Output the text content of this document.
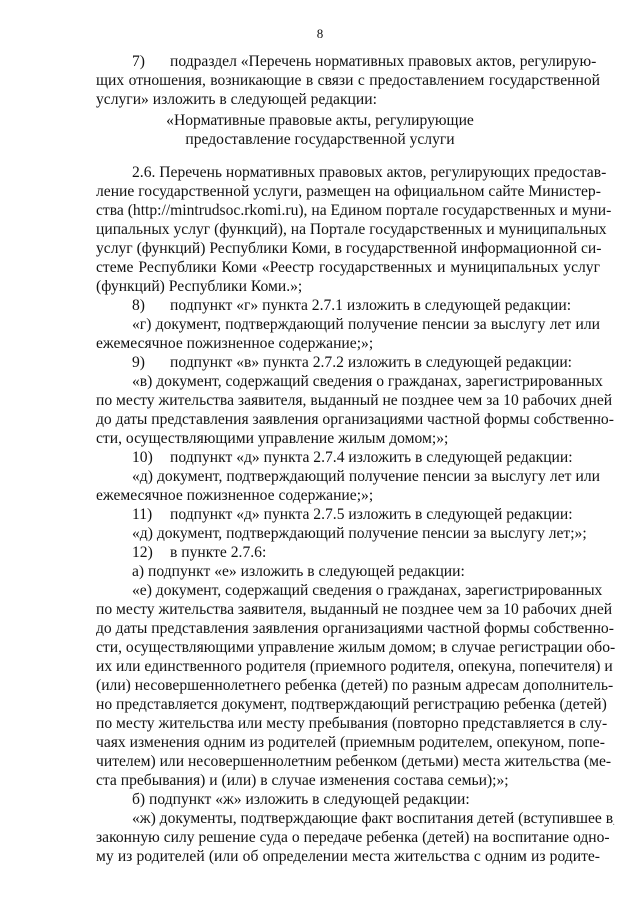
8
7) подраздел «Перечень нормативных правовых актов, регулирую-
щих отношения, возникающие в связи с предоставлением государственной
услуги» изложить в следующей редакции:
«Нормативные правовые акты, регулирующие
предоставление государственной услуги
2.6. Перечень нормативных правовых актов, регулирующих предостав-
ление государственной услуги, размещен на официальном сайте Министер-
ства (http://mintrudsoc.rkomi.ru), на Едином портале государственных и муни-
ципальных услуг (функций), на Портале государственных и муниципальных
услуг (функций) Республики Коми, в государственной информационной си-
стеме Республики Коми «Реестр государственных и муниципальных услуг
(функций) Республики Коми.»;
8) подпункт «г» пункта 2.7.1 изложить в следующей редакции:
«г) документ, подтверждающий получение пенсии за выслугу лет или
ежемесячное пожизненное содержание;»;
9) подпункт «в» пункта 2.7.2 изложить в следующей редакции:
«в) документ, содержащий сведения о гражданах, зарегистрированных
по месту жительства заявителя, выданный не позднее чем за 10 рабочих дней
до даты представления заявления организациями частной формы собственно-
сти, осуществляющими управление жилым домом;»;
10) подпункт «д» пункта 2.7.4 изложить в следующей редакции:
«д) документ, подтверждающий получение пенсии за выслугу лет или
ежемесячное пожизненное содержание;»;
11) подпункт «д» пункта 2.7.5 изложить в следующей редакции:
«д) документ, подтверждающий получение пенсии за выслугу лет;»;
12) в пункте 2.7.6:
а) подпункт «е» изложить в следующей редакции:
«е) документ, содержащий сведения о гражданах, зарегистрированных
по месту жительства заявителя, выданный не позднее чем за 10 рабочих дней
до даты представления заявления организациями частной формы собственно-
сти, осуществляющими управление жилым домом; в случае регистрации обо-
их или единственного родителя (приемного родителя, опекуна, попечителя) и
(или) несовершеннолетнего ребенка (детей) по разным адресам дополнитель-
но представляется документ, подтверждающий регистрацию ребенка (детей)
по месту жительства или месту пребывания (повторно представляется в слу-
чаях изменения одним из родителей (приемным родителем, опекуном, попе-
чителем) или несовершеннолетним ребенком (детьми) места жительства (ме-
ста пребывания) и (или) в случае изменения состава семьи);»;
б) подпункт «ж» изложить в следующей редакции:
«ж) документы, подтверждающие факт воспитания детей (вступившее в
законную силу решение суда о передаче ребенка (детей) на воспитание одно-
му из родителей (или об определении места жительства с одним из родите-
·
